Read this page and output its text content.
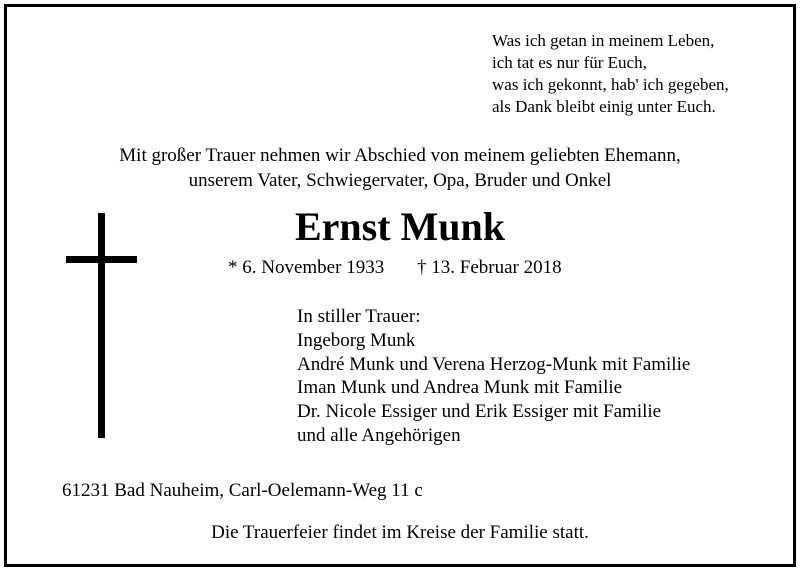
Was ich getan in meinem Leben,
ich tat es nur für Euch,
was ich gekonnt, hab' ich gegeben,
als Dank bleibt einig unter Euch.
Mit großer Trauer nehmen wir Abschied von meinem geliebten Ehemann,
unserem Vater, Schwiegervater, Opa, Bruder und Onkel
Ernst Munk
* 6. November 1933 † 13. Februar 2018
In stiller Trauer:
Ingeborg Munk
André Munk und Verena Herzog-Munk mit Familie
Iman Munk und Andrea Munk mit Familie
Dr. Nicole Essiger und Erik Essiger mit Familie
und alle Angehörigen
61231 Bad Nauheim, Carl-Oelemann-Weg 11 c
Die Trauerfeier findet im Kreise der Familie statt.
